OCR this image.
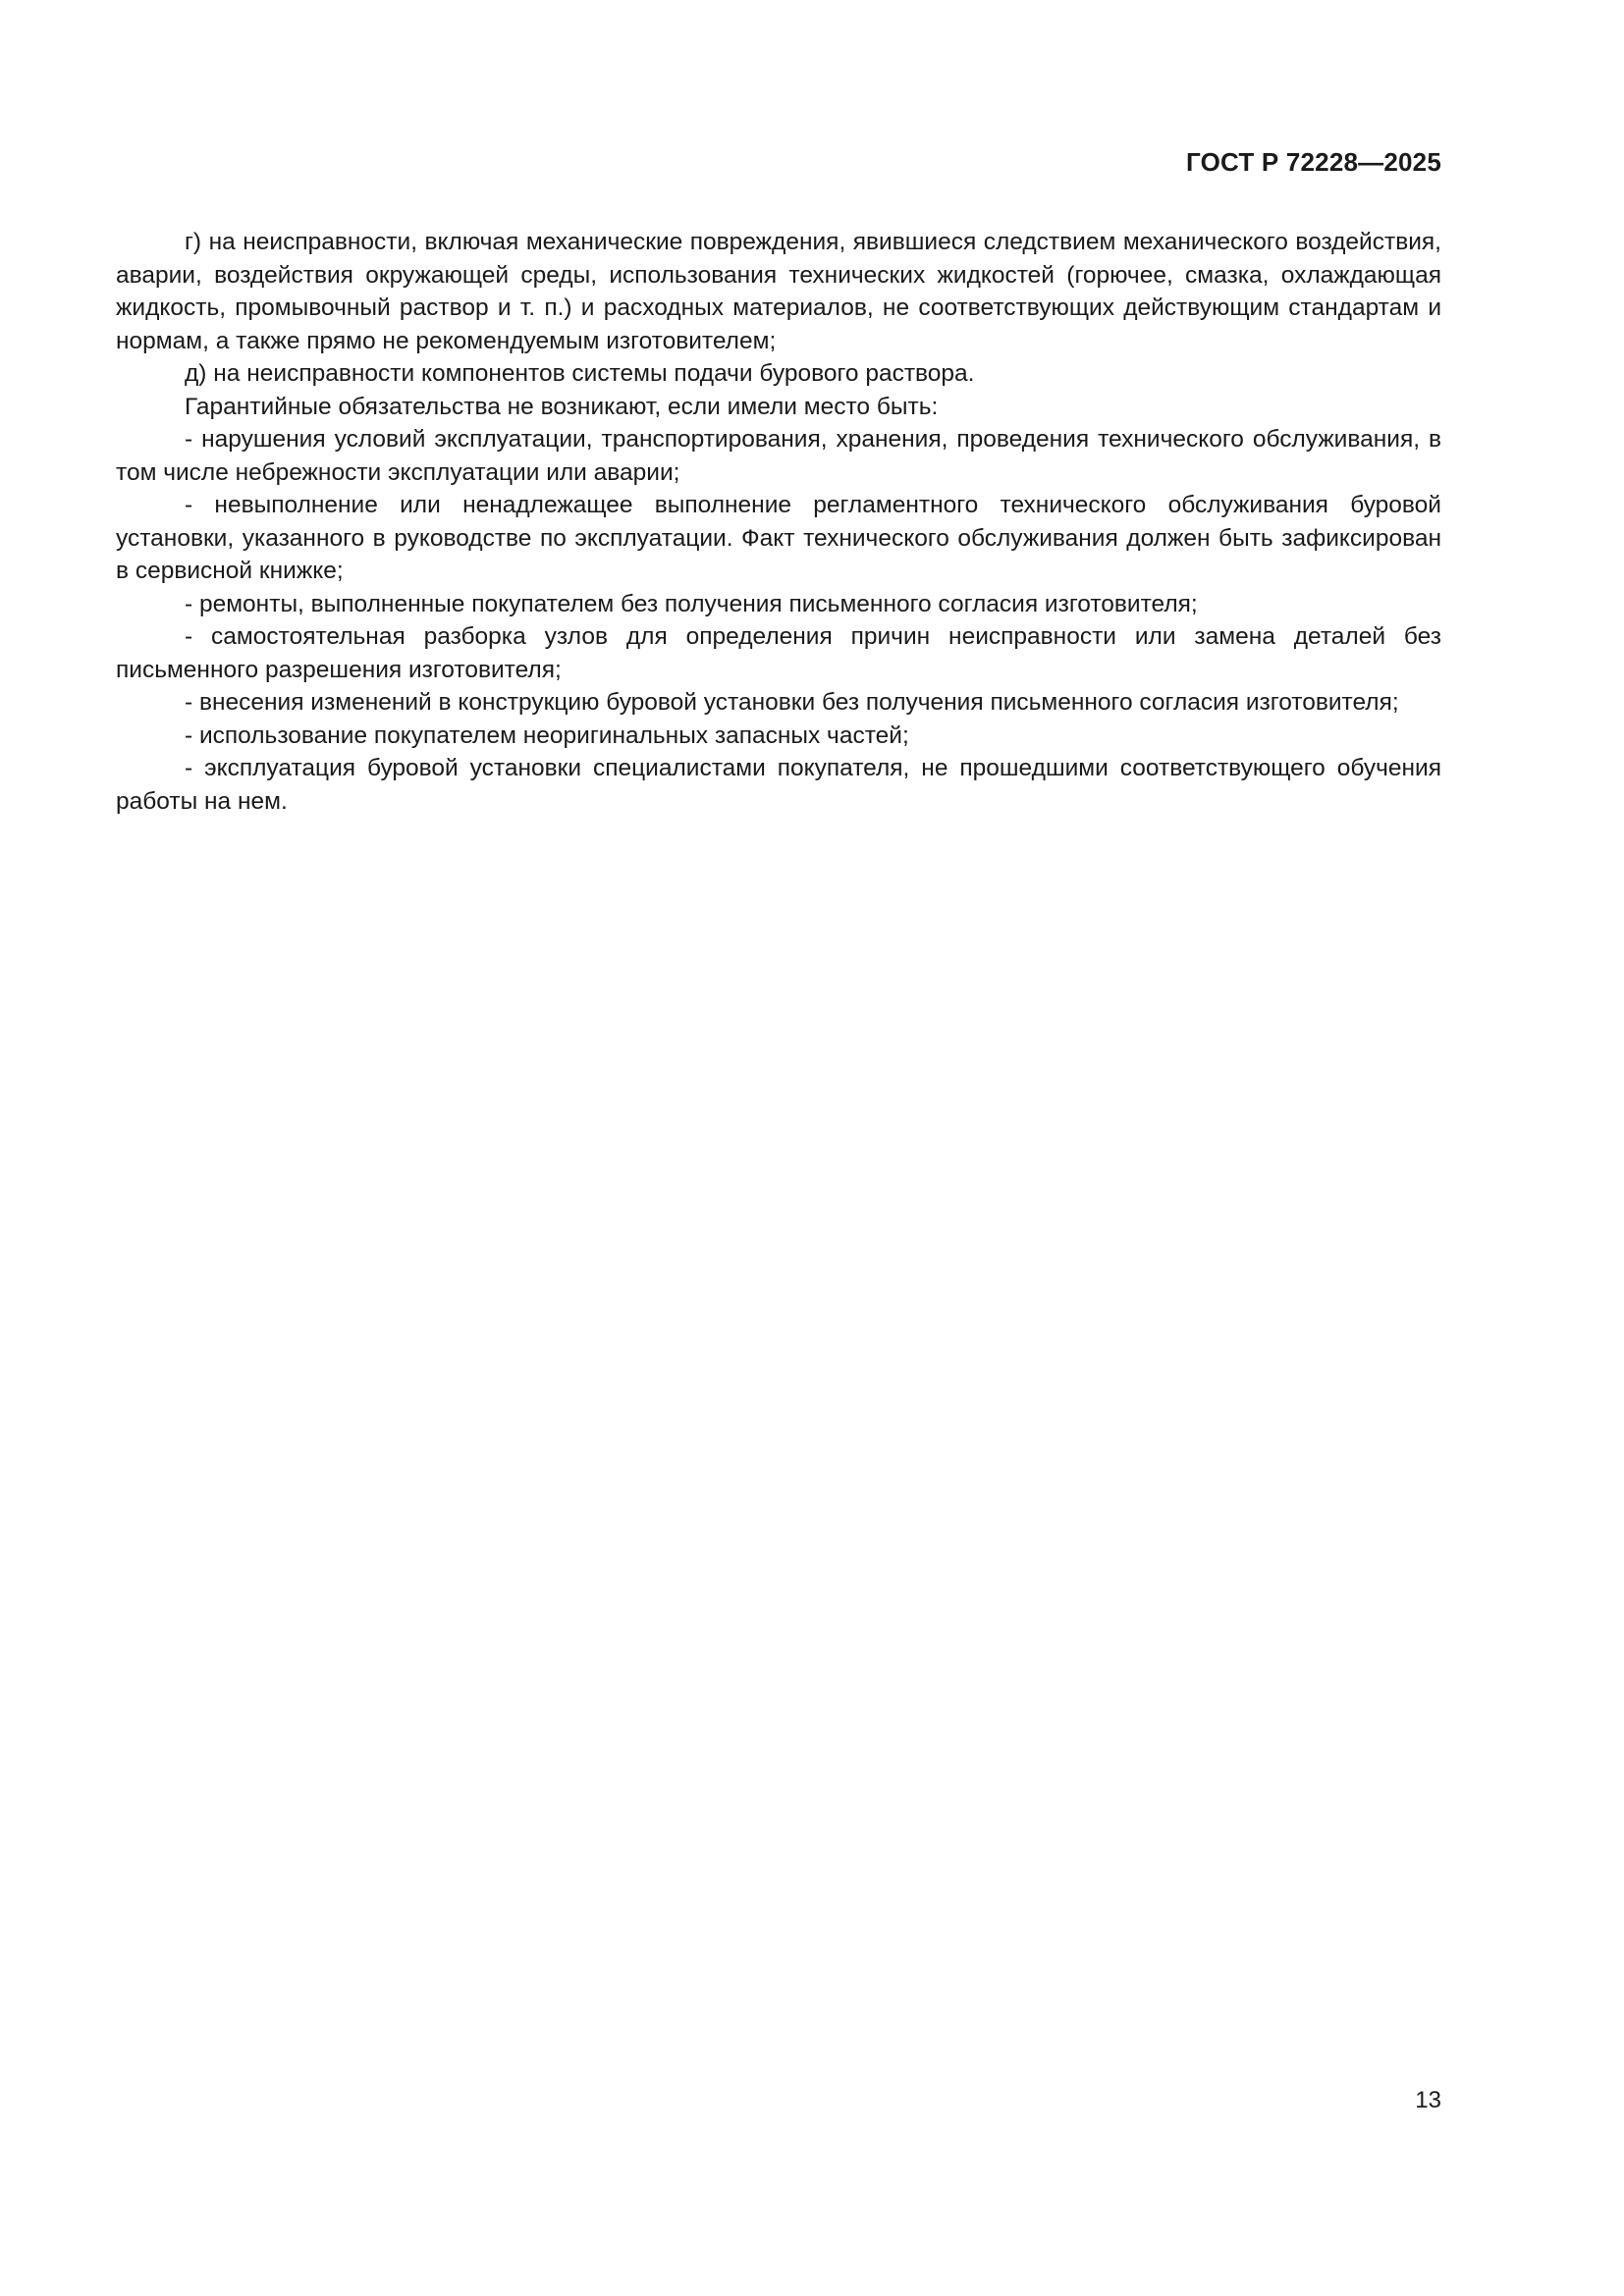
ГОСТ Р 72228—2025

г) на неисправности, включая механические повреждения, явившиеся следствием механического воздействия, аварии, воздействия окружающей среды, использования технических жидкостей (горючее, смазка, охлаждающая жидкость, промывочный раствор и т. п.) и расходных материалов, не соответствующих действующим стандартам и нормам, а также прямо не рекомендуемым изготовителем;

д) на неисправности компонентов системы подачи бурового раствора.

Гарантийные обязательства не возникают, если имели место быть:

- нарушения условий эксплуатации, транспортирования, хранения, проведения технического обслуживания, в том числе небрежности эксплуатации или аварии;

- невыполнение или ненадлежащее выполнение регламентного технического обслуживания буровой установки, указанного в руководстве по эксплуатации. Факт технического обслуживания должен быть зафиксирован в сервисной книжке;

- ремонты, выполненные покупателем без получения письменного согласия изготовителя;

- самостоятельная разборка узлов для определения причин неисправности или замена деталей без письменного разрешения изготовителя;

- внесения изменений в конструкцию буровой установки без получения письменного согласия изготовителя;

- использование покупателем неоригинальных запасных частей;

- эксплуатация буровой установки специалистами покупателя, не прошедшими соответствующего обучения работы на нем.

13
